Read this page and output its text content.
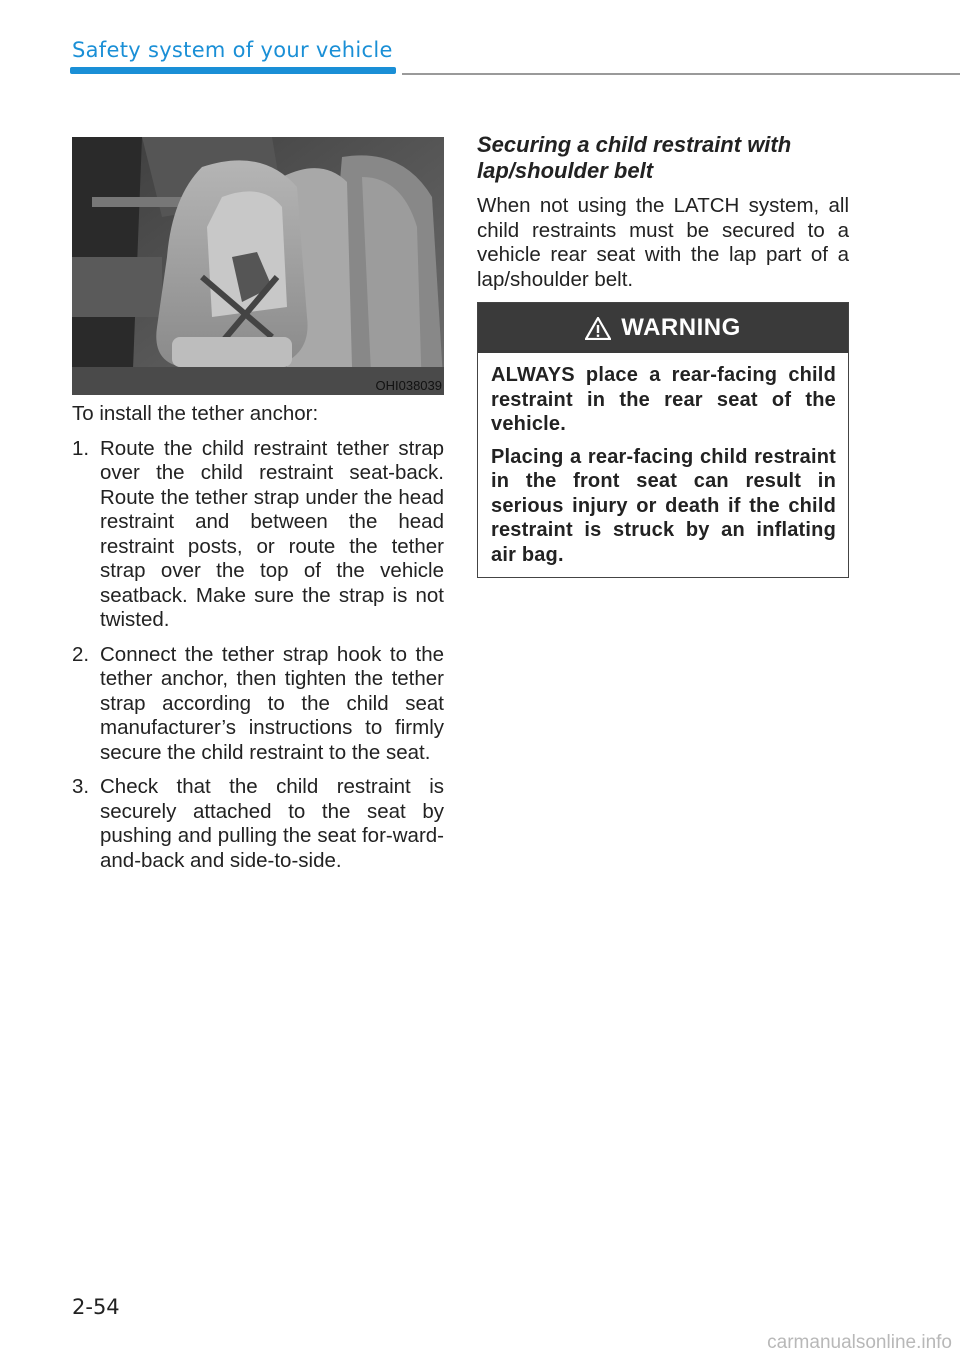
Safety system of your vehicle
OHI038039

To install the tether anchor:

1. Route the child restraint tether strap over the child restraint seat-back. Route the tether strap under the head restraint and between the head restraint posts, or route the tether strap over the top of the vehicle seatback. Make sure the strap is not twisted.
2. Connect the tether strap hook to the tether anchor, then tighten the tether strap according to the child seat manufacturer’s instructions to firmly secure the child restraint to the seat.
3. Check that the child restraint is securely attached to the seat by pushing and pulling the seat for-ward-and-back and side-to-side.
Securing a child restraint with lap/shoulder belt

When not using the LATCH system, all child restraints must be secured to a vehicle rear seat with the lap part of a lap/shoulder belt.

WARNING

ALWAYS place a rear-facing child restraint in the rear seat of the vehicle.

Placing a rear-facing child restraint in the front seat can result in serious injury or death if the child restraint is struck by an inflating air bag.

2-54
carmanualsonline.info
